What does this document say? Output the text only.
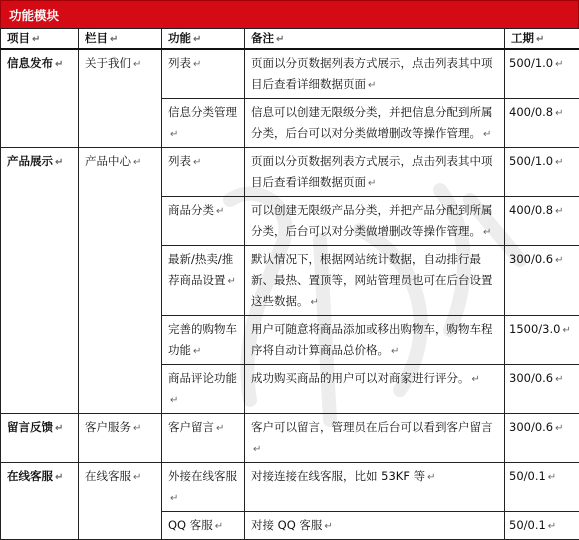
功能模块
项目 ↵	栏目 ↵	功能 ↵	备注 ↵	工期 ↵
信息发布 ↵	关于我们 ↵	列表 ↵	页面以分页数据列表方式展示，点击列表其中项目后查看详细数据页面 ↵	500/1.0 ↵
		信息分类管理↵	信息可以创建无限级分类，并把信息分配到所属分类，后台可以对分类做增删改等操作管理。 ↵	400/0.8 ↵
产品展示 ↵	产品中心 ↵	列表 ↵	页面以分页数据列表方式展示，点击列表其中项目后查看详细数据页面 ↵	500/1.0 ↵
		商品分类 ↵	可以创建无限级产品分类，并把产品分配到所属分类，后台可以对分类做增删改等操作管理。 ↵	400/0.8 ↵
		最新/热卖/推荐商品设置 ↵	默认情况下，根据网站统计数据，自动排行最新、最热、置顶等，网站管理员也可在后台设置这些数据。 ↵	300/0.6 ↵
		完善的购物车功能 ↵	用户可随意将商品添加或移出购物车，购物车程序将自动计算商品总价格。 ↵	1500/3.0 ↵
		商品评论功能↵	成功购买商品的用户可以对商家进行评分。 ↵	300/0.6 ↵
留言反馈 ↵	客户服务 ↵	客户留言 ↵	客户可以留言，管理员在后台可以看到客户留言↵	300/0.6 ↵
在线客服 ↵	在线客服 ↵	外接在线客服↵	对接连接在线客服，比如 53KF 等 ↵	50/0.1 ↵
		QQ 客服 ↵	对接 QQ 客服 ↵	50/0.1 ↵
